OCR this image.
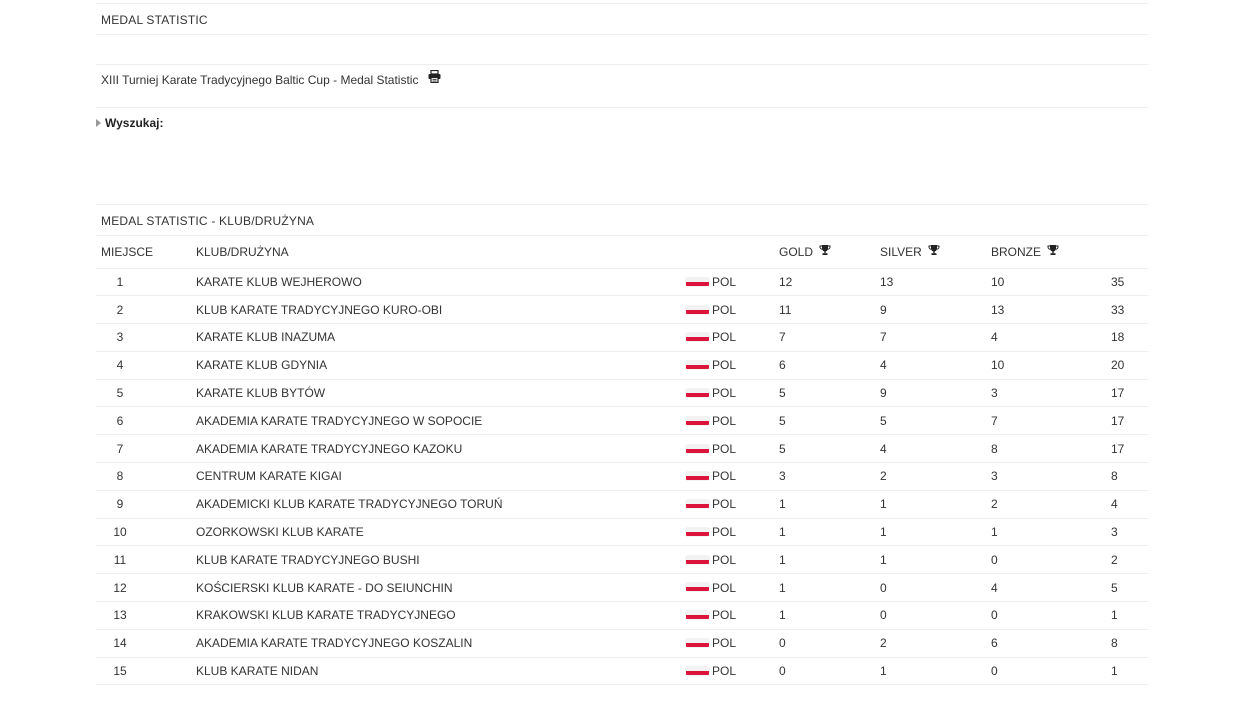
MEDAL STATISTIC
XIII Turniej Karate Tradycyjnego Baltic Cup - Medal Statistic
Wyszukaj:
MEDAL STATISTIC - KLUB/DRUŻYNA
MIEJSCE	KLUB/DRUŻYNA		GOLD	SILVER	BRONZE	
1	KARATE KLUB WEJHEROWO	POL	12	13	10	35
2	KLUB KARATE TRADYCYJNEGO KURO-OBI	POL	11	9	13	33
3	KARATE KLUB INAZUMA	POL	7	7	4	18
4	KARATE KLUB GDYNIA	POL	6	4	10	20
5	KARATE KLUB BYTÓW	POL	5	9	3	17
6	AKADEMIA KARATE TRADYCYJNEGO W SOPOCIE	POL	5	5	7	17
7	AKADEMIA KARATE TRADYCYJNEGO KAZOKU	POL	5	4	8	17
8	CENTRUM KARATE KIGAI	POL	3	2	3	8
9	AKADEMICKI KLUB KARATE TRADYCYJNEGO TORUŃ	POL	1	1	2	4
10	OZORKOWSKI KLUB KARATE	POL	1	1	1	3
11	KLUB KARATE TRADYCYJNEGO BUSHI	POL	1	1	0	2
12	KOŚCIERSKI KLUB KARATE - DO SEIUNCHIN	POL	1	0	4	5
13	KRAKOWSKI KLUB KARATE TRADYCYJNEGO	POL	1	0	0	1
14	AKADEMIA KARATE TRADYCYJNEGO KOSZALIN	POL	0	2	6	8
15	KLUB KARATE NIDAN	POL	0	1	0	1
